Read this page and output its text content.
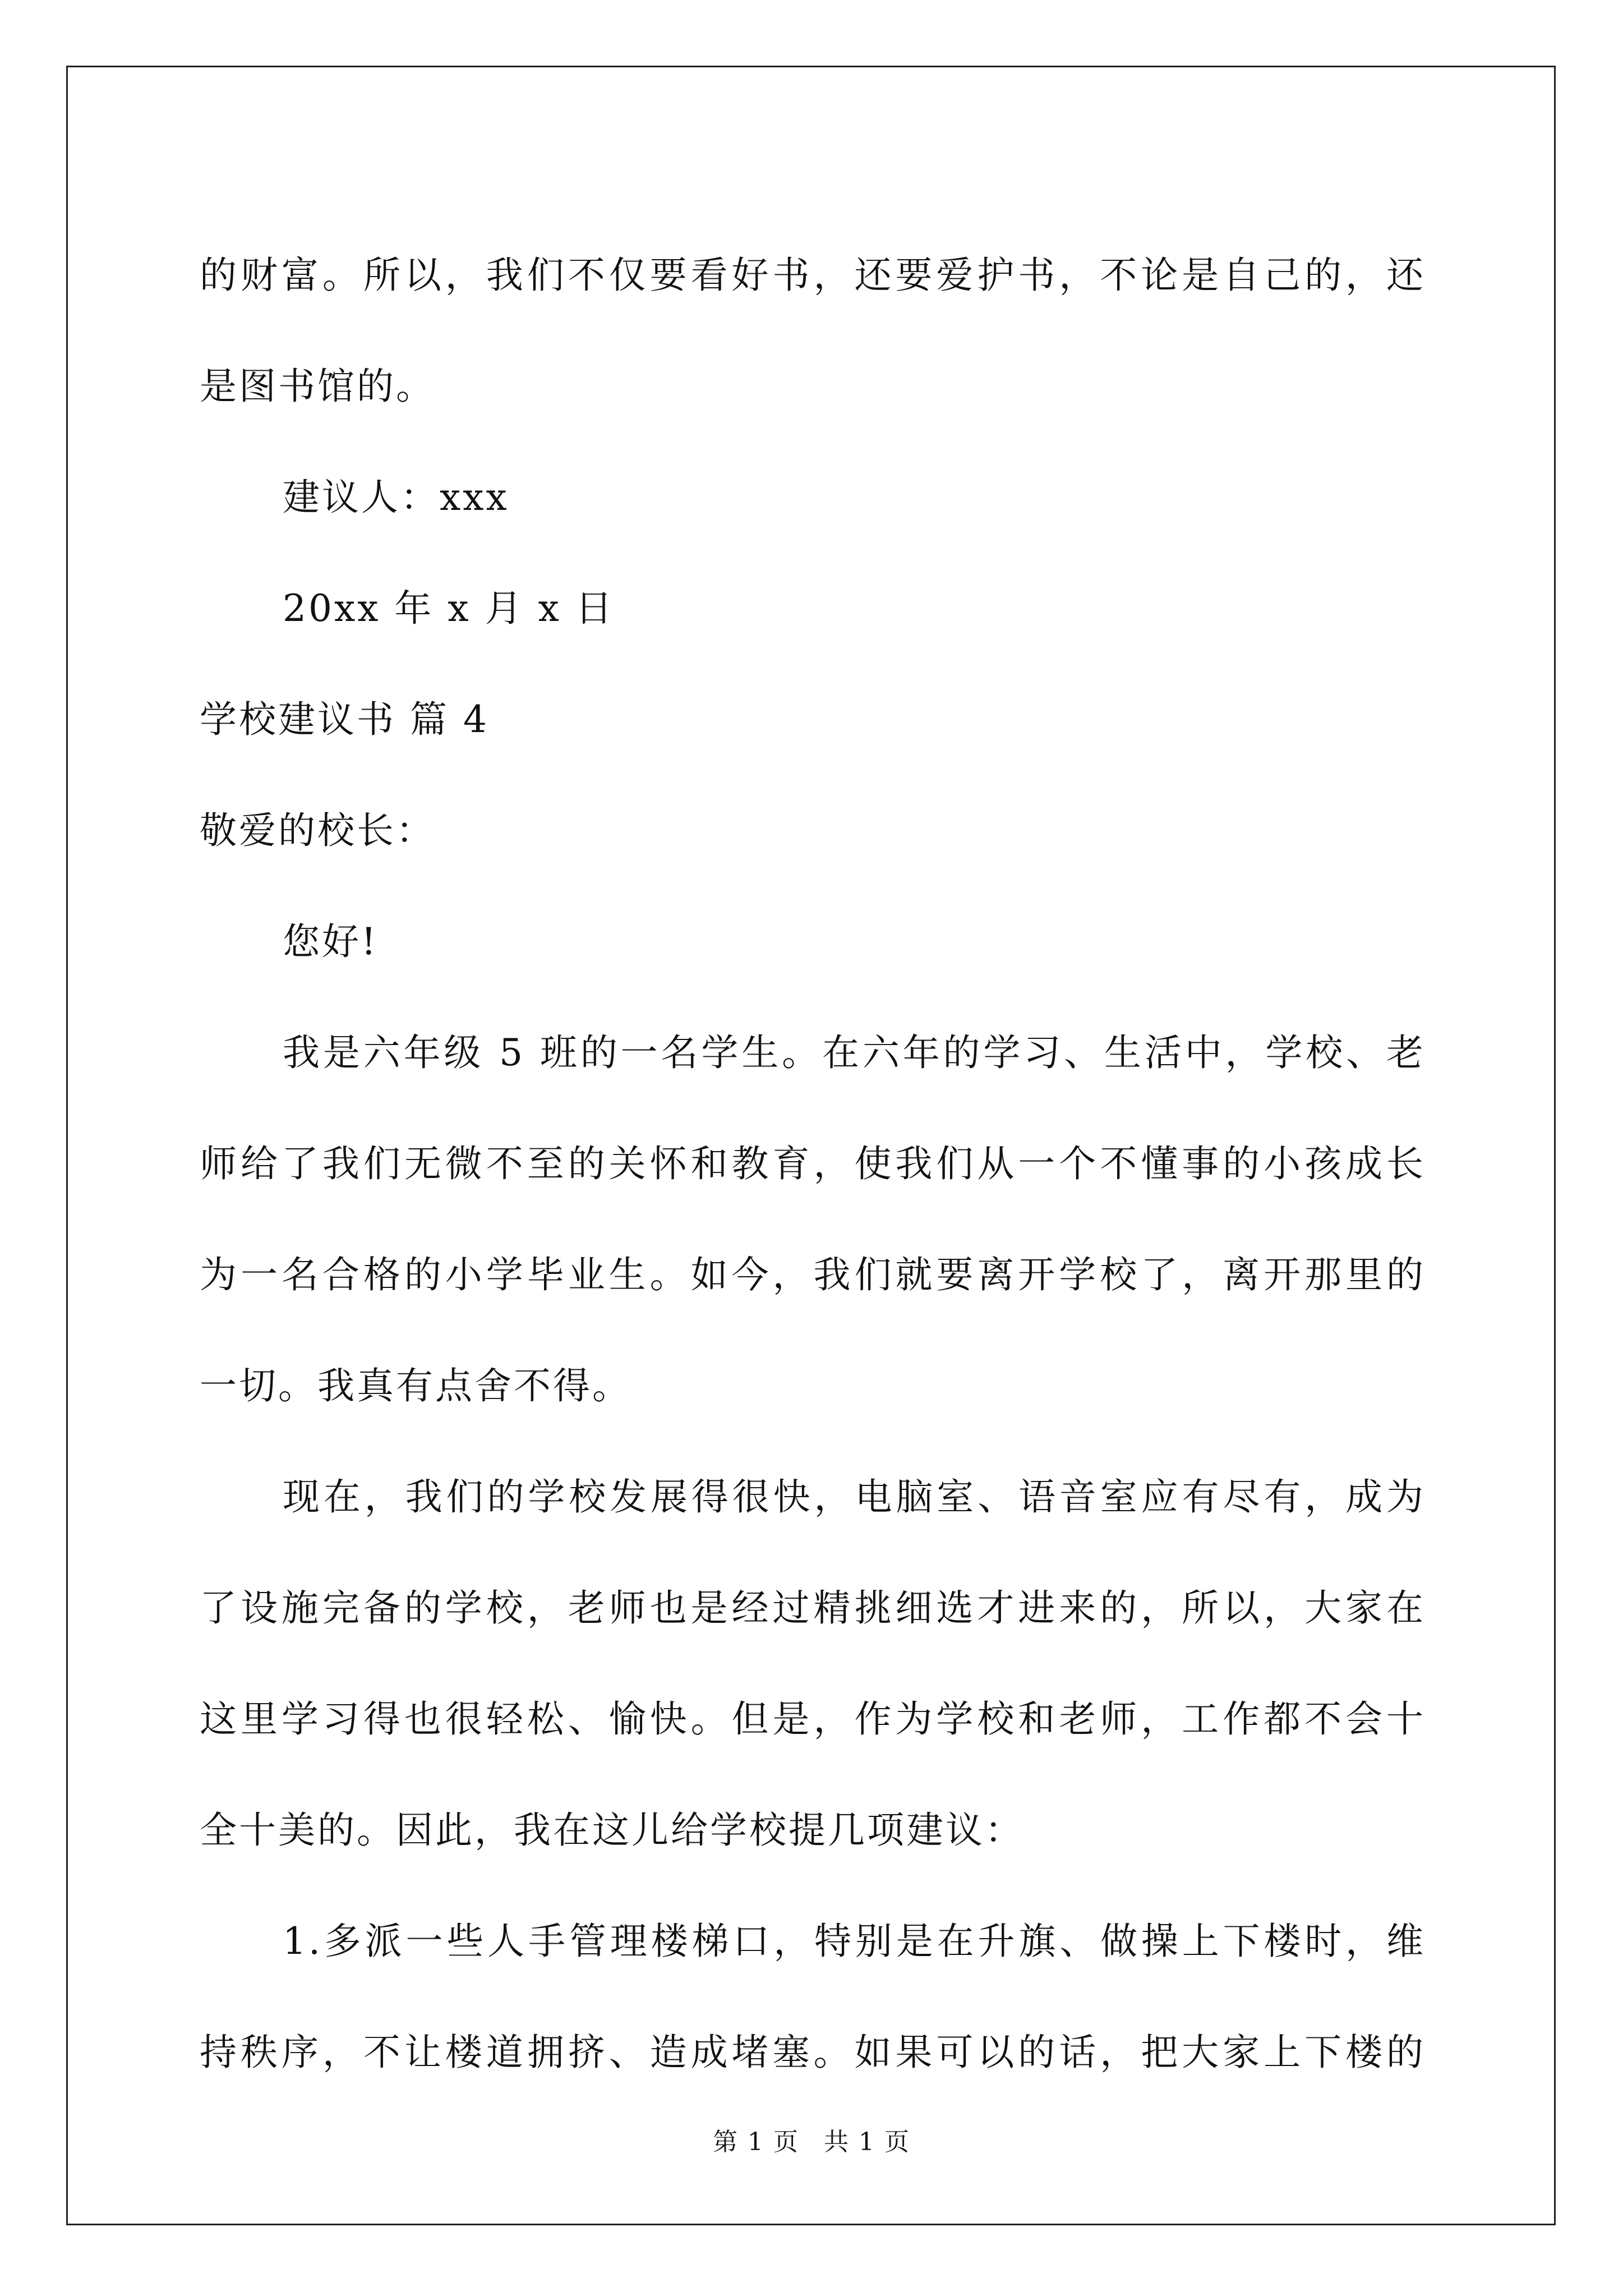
的财富。所以，我们不仅要看好书，还要爱护书，不论是自己的，还
是图书馆的。
建议人：xxx
20xx 年 x 月 x 日
学校建议书 篇 4
敬爱的校长：
您好!
我是六年级 5 班的一名学生。在六年的学习、生活中，学校、老
师给了我们无微不至的关怀和教育，使我们从一个不懂事的小孩成长
为一名合格的小学毕业生。如今，我们就要离开学校了，离开那里的
一切。我真有点舍不得。
现在，我们的学校发展得很快，电脑室、语音室应有尽有，成为
了设施完备的学校，老师也是经过精挑细选才进来的，所以，大家在
这里学习得也很轻松、愉快。但是，作为学校和老师，工作都不会十
全十美的。因此，我在这儿给学校提几项建议：
1.多派一些人手管理楼梯口，特别是在升旗、做操上下楼时，维
持秩序，不让楼道拥挤、造成堵塞。如果可以的话，把大家上下楼的
第 1 页 共 1 页
